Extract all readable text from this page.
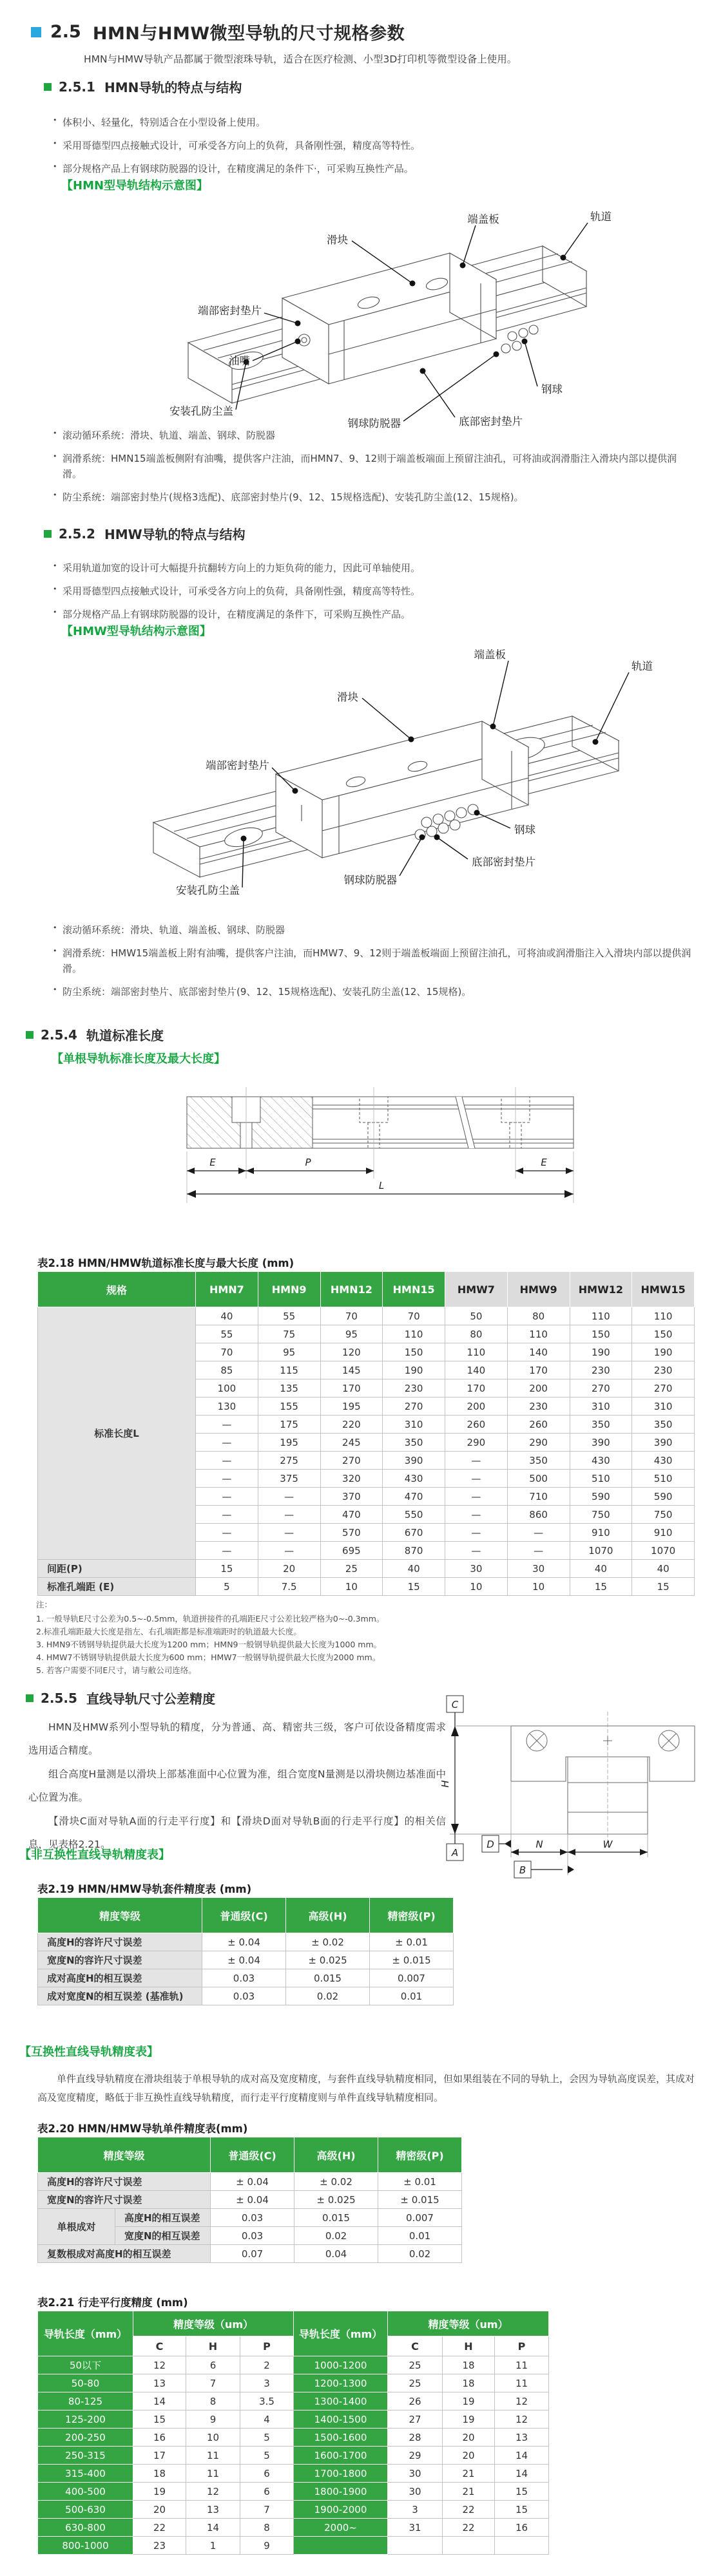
2.5 HMN与HMW微型导轨的尺寸规格参数
HMN与HMW导轨产品都属于微型滚珠导轨，适合在医疗检测、小型3D打印机等微型设备上使用。
2.5.1 HMN导轨的特点与结构
• 体积小、轻量化，特别适合在小型设备上使用。
• 采用哥德型四点接触式设计，可承受各方向上的负荷，具备刚性强，精度高等特性。
• 部分规格产品上有钢球防脱器的设计，在精度满足的条件下·，可采购互换性产品。
【HMN型导轨结构示意图】
滑块
端盖板	轨道
端部密封垫片
油嘴
安装孔防尘盖
钢球
底部密封垫片
钢球防脱器
• 滚动循环系统：滑块、轨道、端盖、钢球、防脱器
• 润滑系统：HMN15端盖板侧附有油嘴，提供客户注油，而HMN7、9、12则于端盖板端面上预留注油孔，可将油或润滑脂注入滑块内部以提供润滑。
• 防尘系统：端部密封垫片(规格3选配)、底部密封垫片(9、12、15规格选配)、安装孔防尘盖(12、15规格)。
2.5.2 HMW导轨的特点与结构
• 采用轨道加宽的设计可大幅提升抗翻转方向上的力矩负荷的能力，因此可单轴使用。
• 采用哥德型四点接触式设计，可承受各方向上的负荷，具备刚性强，精度高等特性。
• 部分规格产品上有钢球防脱器的设计，在精度满足的条件下，可采购互换性产品。
【HMW型导轨结构示意图】
滑块
端盖板
轨道
端部密封垫片
安装孔防尘盖
钢球
底部密封垫片
钢球防脱器
• 滚动循环系统：滑块、轨道、端盖板、钢球、防脱器
• 润滑系统：HMW15端盖板上附有油嘴，提供客户注油，而HMW7、9、12则于端盖板端面上预留注油孔，可将油或润滑脂注入入滑块内部以提供润滑。
• 防尘系统：端部密封垫片、底部密封垫片(9、12、15规格选配)、安装孔防尘盖(12、15规格)。
2.5.4 轨道标准长度
【单根导轨标准长度及最大长度】
E	P	E
L
表2.18 HMN/HMW轨道标准长度与最大长度 (mm)
规格	HMN7	HMN9	HMN12	HMN15	HMW7	HMW9	HMW12	HMW15
标准长度L	40	55	70	70	50	80	110	110
	55	75	95	110	80	110	150	150
	70	95	120	150	110	140	190	190
	85	115	145	190	140	170	230	230
	100	135	170	230	170	200	270	270
	130	155	195	270	200	230	310	310
	—	175	220	310	260	260	350	350
	—	195	245	350	290	290	390	390
	—	275	270	390	—	350	430	430
	—	375	320	430	—	500	510	510
	—	—	370	470	—	710	590	590
	—	—	470	550	—	860	750	750
	—	—	570	670	—	—	910	910
	—	—	695	870	—	—	1070	1070
间距(P)	15	20	25	40	30	30	40	40
标准孔端距 (E)	5	7.5	10	15	10	10	15	15
注：
1. 一般导轨E尺寸公差为0.5~-0.5mm，轨道拼接件的孔端距E尺寸公差比较严格为0~-0.3mm。
2.标准孔端距最大长度是指左、右孔端距都是标准端距时的轨道最大长度。
3. HMN9不锈钢导轨提供最大长度为1200 mm；HMN9一般钢导轨提供最大长度为1000 mm。
4. HMW7不锈钢导轨提供最大长度为600 mm；HMW7一般钢导轨提供最大长度为2000 mm。
5. 若客户需要不同E尺寸，请与敝公司连络。
2.5.5 直线导轨尺寸公差精度

HMN及HMW系列小型导轨的精度，分为普通、高、精密共三级，客户可依设备精度需求选用适合精度。

组合高度H量测是以滑块上部基准面中心位置为准，组合宽度N量测是以滑块侧边基准面中心位置为准。

【滑块C面对导轨A面的行走平行度】和【滑块D面对导轨B面的行走平行度】的相关信息，见表格2.21。

C
H
A
D	N	W
B
【非互换性直线导轨精度表】
表2.19 HMN/HMW导轨套件精度表 (mm)
精度等级	普通级(C)	高级(H)	精密级(P)
高度H的容许尺寸误差	± 0.04	± 0.02	± 0.01
宽度N的容许尺寸误差	± 0.04	± 0.025	± 0.015
成对高度H的相互误差	0.03	0.015	0.007
成对宽度N的相互误差 (基准轨)	0.03	0.02	0.01
【互换性直线导轨精度表】
单件直线导轨精度在滑块组装于单根导轨的成对高及宽度精度，与套件直线导轨精度相同，但如果组装在不同的导轨上，会因为导轨高度误差，其成对高及宽度精度，略低于非互换性直线导轨精度，而行走平行度精度则与单件直线导轨精度相同。
表2.20 HMN/HMW导轨单件精度表(mm)
精度等级		普通级(C)	高级(H)	精密级(P)
高度H的容许尺寸误差		± 0.04	± 0.02	± 0.01
宽度N的容许尺寸误差		± 0.04	± 0.025	± 0.015
单根成对	高度H的相互误差	0.03	0.015	0.007
	宽度N的相互误差	0.03	0.02	0.01
复数根成对高度H的相互误差		0.07	0.04	0.02
表2.21 行走平行度精度 (mm)
导轨长度（mm）	精度等级（um）			导轨长度（mm）	精度等级（um）		
	C	H	P		C	H	P
50以下	12	6	2	1000-1200	25	18	11
50-80	13	7	3	1200-1300	25	18	11
80-125	14	8	3.5	1300-1400	26	19	12
125-200	15	9	4	1400-1500	27	19	12
200-250	16	10	5	1500-1600	28	20	13
250-315	17	11	5	1600-1700	29	20	14
315-400	18	11	6	1700-1800	30	21	14
400-500	19	12	6	1800-1900	30	21	15
500-630	20	13	7	1900-2000	3	22	15
630-800	22	14	8	2000~	31	22	16
800-1000	23	1	9				
